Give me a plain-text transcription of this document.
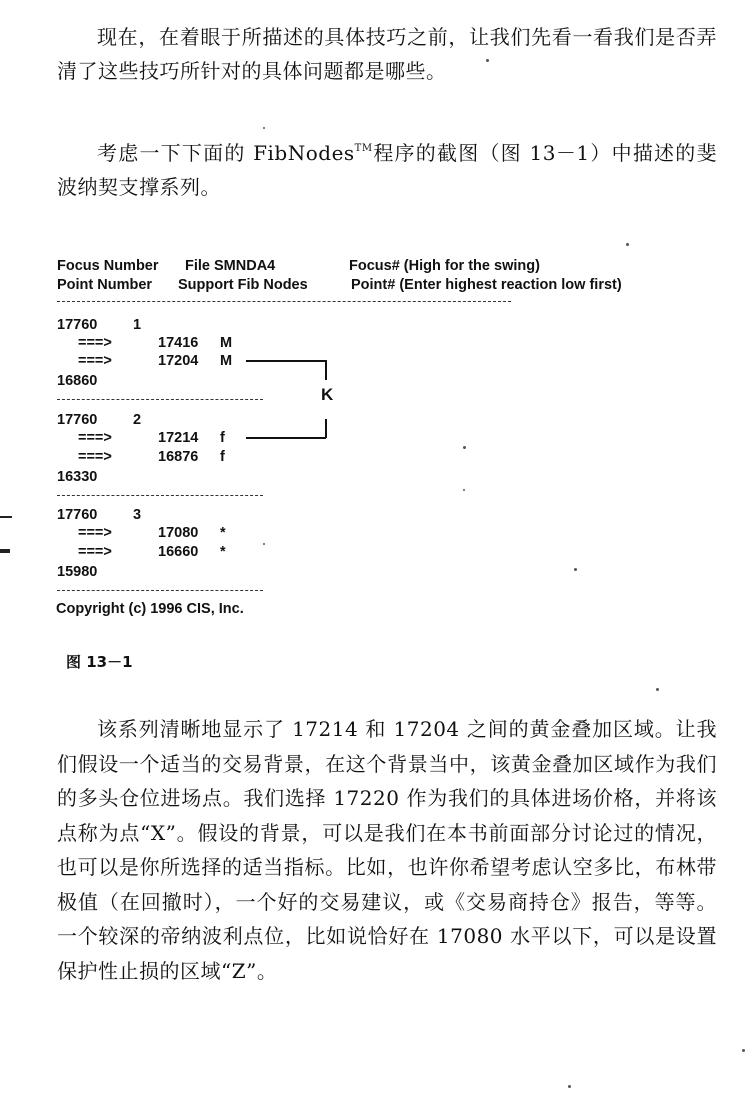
现在，在着眼于所描述的具体技巧之前，让我们先看一看我们是否弄清了这些技巧所针对的具体问题都是哪些。

考虑一下下面的 FibNodes™程序的截图（图 13－1）中描述的斐波纳契支撑系列。

Focus Number File SMNDA4	Focus# (High for the swing)
Point Number Support Fib Nodes	Point# (Enter highest reaction low first)
17760 1
===>	17416 M
===>	17204 M
16860
17760 2
===>	17214 f
===>	16876 f
16330
17760 3
===>	17080 *
===>	16660 *
15980
K
Copyright (c) 1996 CIS, Inc.
图 13－1

该系列清晰地显示了 17214 和 17204 之间的黄金叠加区域。让我们假设一个适当的交易背景，在这个背景当中，该黄金叠加区域作为我们的多头仓位进场点。我们选择 17220 作为我们的具体进场价格，并将该点称为点“X”。假设的背景，可以是我们在本书前面部分讨论过的情况，也可以是你所选择的适当指标。比如，也许你希望考虑认空多比，布林带极值（在回撤时），一个好的交易建议，或《交易商持仓》报告，等等。一个较深的帝纳波利点位，比如说恰好在 17080 水平以下，可以是设置保护性止损的区域“Z”。
